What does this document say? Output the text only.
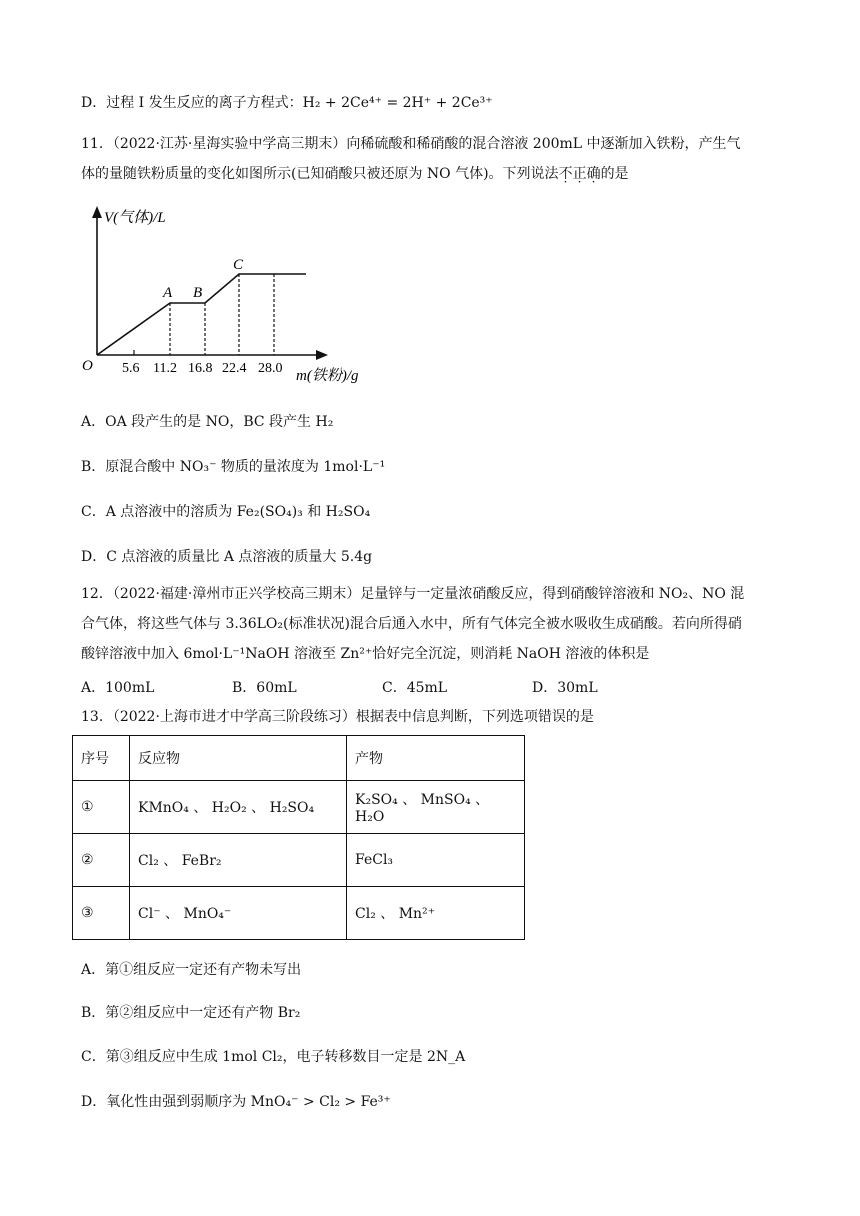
D．过程 I 发生反应的离子方程式：H₂ + 2Ce⁴⁺ = 2H⁺ + 2Ce³⁺
11．（2022·江苏·星海实验中学高三期末）向稀硫酸和稀硝酸的混合溶液 200mL 中逐渐加入铁粉，产生气
体的量随铁粉质量的变化如图所示(已知硝酸只被还原为 NO 气体)。下列说法不正确的是
V(气体)/L
O
A B
C
5.6 11.2 16.8 22.4 28.0 m(铁粉)/g
A．OA 段产生的是 NO，BC 段产生 H₂
B．原混合酸中 NO₃⁻ 物质的量浓度为 1mol·L⁻¹
C．A 点溶液中的溶质为 Fe₂(SO₄)₃ 和 H₂SO₄
D．C 点溶液的质量比 A 点溶液的质量大 5.4g
12．（2022·福建·漳州市正兴学校高三期末）足量锌与一定量浓硝酸反应，得到硝酸锌溶液和 NO₂、NO 混
合气体，将这些气体与 3.36LO₂(标准状况)混合后通入水中，所有气体完全被水吸收生成硝酸。若向所得硝
酸锌溶液中加入 6mol·L⁻¹NaOH 溶液至 Zn²⁺恰好完全沉淀，则消耗 NaOH 溶液的体积是
A．100mL	B．60mL	C．45mL	D．30mL
13．（2022·上海市进才中学高三阶段练习）根据表中信息判断，下列选项错误的是
序号	反应物	产物
①	KMnO₄ 、 H₂O₂ 、 H₂SO₄	K₂SO₄ 、 MnSO₄ 、 H₂O
②	Cl₂ 、 FeBr₂	FeCl₃
③	Cl⁻ 、 MnO₄⁻	Cl₂ 、 Mn²⁺
A．第①组反应一定还有产物未写出
B．第②组反应中一定还有产物 Br₂
C．第③组反应中生成 1mol Cl₂，电子转移数目一定是 2N_A
D．氧化性由强到弱顺序为 MnO₄⁻ > Cl₂ > Fe³⁺
